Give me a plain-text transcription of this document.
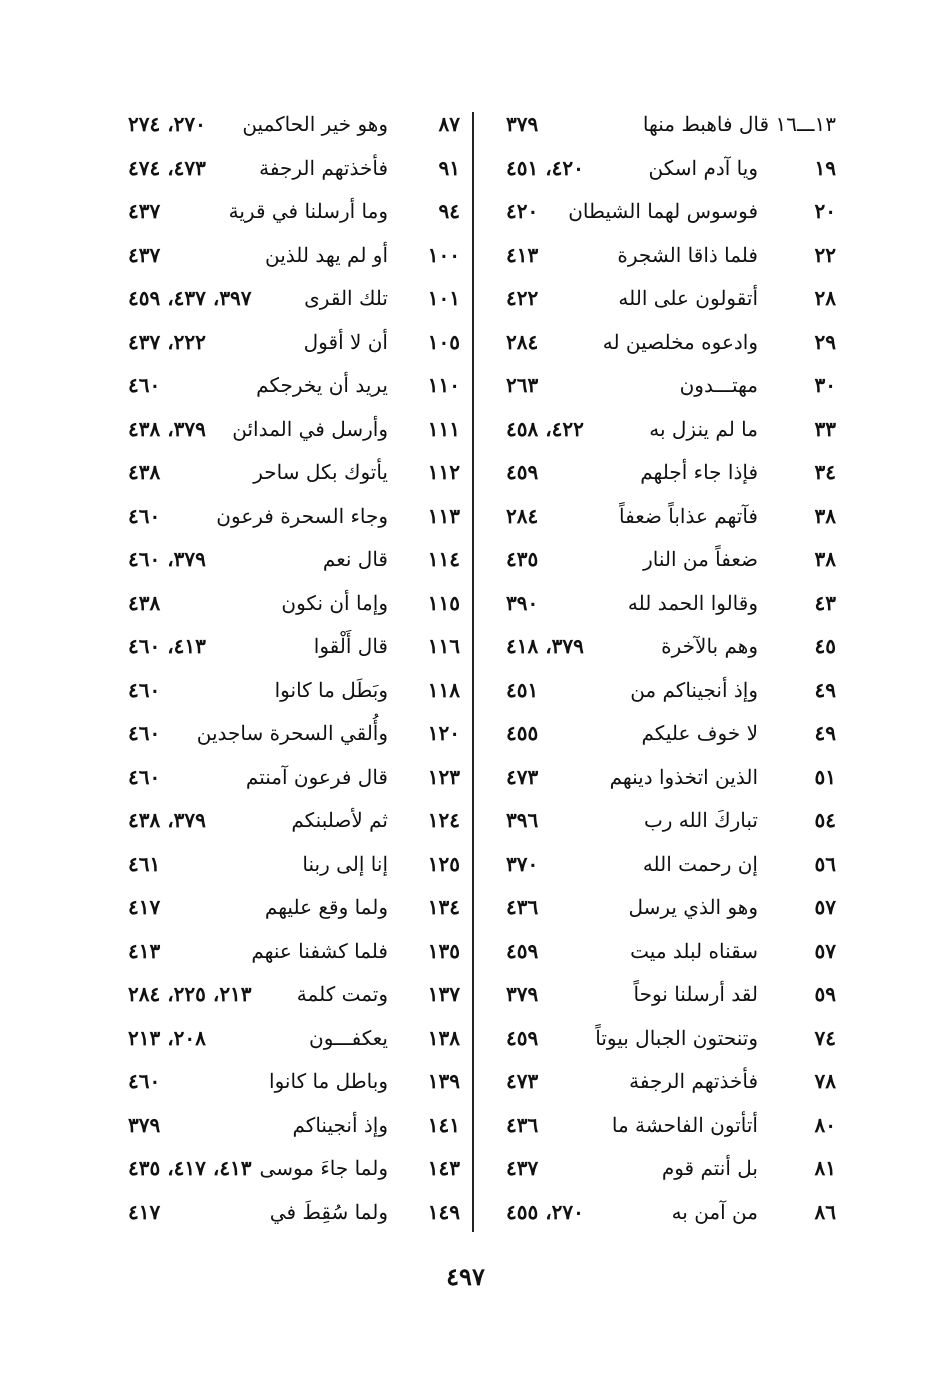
١٣ـــ١٦ قال فاهبط منها
٣٧٩
١٩
ويا آدم اسكن
٤٢٠، ٤٥١
٢٠
فوسوس لهما الشيطان
٤٢٠
٢٢
فلما ذاقا الشجرة
٤١٣
٢٨
أتقولون على الله
٤٢٢
٢٩
وادعوه مخلصين له
٢٨٤
٣٠
مهتـــدون
٢٦٣
٣٣
ما لم ينزل به
٤٢٢، ٤٥٨
٣٤
فإذا جاء أجلهم
٤٥٩
٣٨
فآتهم عذاباً ضعفاً
٢٨٤
٣٨
ضعفاً من النار
٤٣٥
٤٣
وقالوا الحمد لله
٣٩٠
٤٥
وهم بالآخرة
٣٧٩، ٤١٨
٤٩
وإذ أنجيناكم من
٤٥١
٤٩
لا خوف عليكم
٤٥٥
٥١
الذين اتخذوا دينهم
٤٧٣
٥٤
تباركَ الله رب
٣٩٦
٥٦
إن رحمت الله
٣٧٠
٥٧
وهو الذي يرسل
٤٣٦
٥٧
سقناه لبلد ميت
٤٥٩
٥٩
لقد أرسلنا نوحاً
٣٧٩
٧٤
وتنحتون الجبال بيوتاً
٤٥٩
٧٨
فأخذتهم الرجفة
٤٧٣
٨٠
أتأتون الفاحشة ما
٤٣٦
٨١
بل أنتم قوم
٤٣٧
٨٦
من آمن به
٢٧٠، ٤٥٥
٨٧
وهو خير الحاكمين
٢٧٠، ٢٧٤
٩١
فأخذتهم الرجفة
٤٧٣، ٤٧٤
٩٤
وما أرسلنا في قرية
٤٣٧
١٠٠
أو لم يهد للذين
٤٣٧
١٠١
تلك القرى
٣٩٧، ٤٣٧، ٤٥٩
١٠٥
أن لا أقول
٢٢٢، ٤٣٧
١١٠
يريد أن يخرجكم
٤٦٠
١١١
وأرسل في المدائن
٣٧٩، ٤٣٨
١١٢
يأتوك بكل ساحر
٤٣٨
١١٣
وجاء السحرة فرعون
٤٦٠
١١٤
قال نعم
٣٧٩، ٤٦٠
١١٥
وإما أن نكون
٤٣٨
١١٦
قال أَلْقوا
٤١٣، ٤٦٠
١١٨
وبَطَل ما كانوا
٤٦٠
١٢٠
وأُلقي السحرة ساجدين
٤٦٠
١٢٣
قال فرعون آمنتم
٤٦٠
١٢٤
ثم لأصلبنكم
٣٧٩، ٤٣٨
١٢٥
إنا إلى ربنا
٤٦١
١٣٤
ولما وقع عليهم
٤١٧
١٣٥
فلما كشفنا عنهم
٤١٣
١٣٧
وتمت كلمة
٢١٣، ٢٢٥، ٢٨٤
١٣٨
يعكفـــون
٢٠٨، ٢١٣
١٣٩
وباطل ما كانوا
٤٦٠
١٤١
وإذ أنجيناكم
٣٧٩
١٤٣
ولما جاءَ موسى
٤١٣، ٤١٧، ٤٣٥
١٤٩
ولما سُقِطَ في
٤١٧
٤٩٧
